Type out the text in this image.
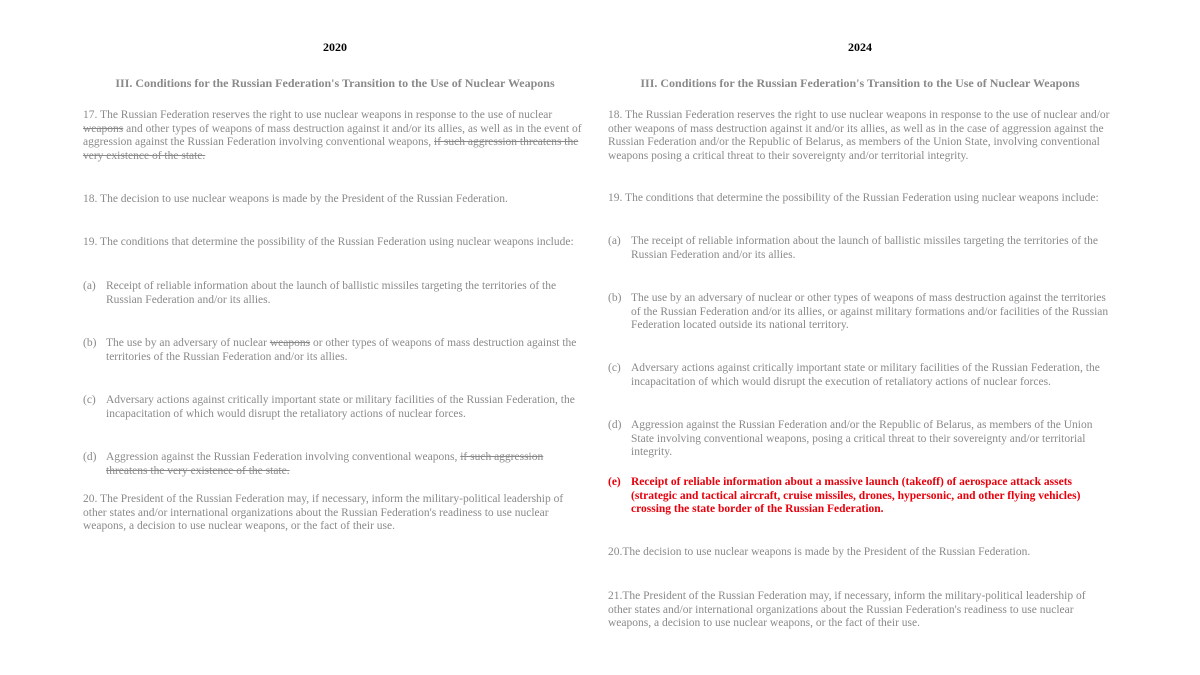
2020
III. Conditions for the Russian Federation's Transition to the Use of Nuclear Weapons
17. The Russian Federation reserves the right to use nuclear weapons in response to the use of nuclear weapons and other types of weapons of mass destruction against it and/or its allies, as well as in the event of aggression against the Russian Federation involving conventional weapons, if such aggression threatens the very existence of the state.
18. The decision to use nuclear weapons is made by the President of the Russian Federation.
19. The conditions that determine the possibility of the Russian Federation using nuclear weapons include:
(a) Receipt of reliable information about the launch of ballistic missiles targeting the territories of the Russian Federation and/or its allies.
(b) The use by an adversary of nuclear weapons or other types of weapons of mass destruction against the territories of the Russian Federation and/or its allies.
(c) Adversary actions against critically important state or military facilities of the Russian Federation, the incapacitation of which would disrupt the retaliatory actions of nuclear forces.
(d) Aggression against the Russian Federation involving conventional weapons, if such aggression threatens the very existence of the state.
20. The President of the Russian Federation may, if necessary, inform the military-political leadership of other states and/or international organizations about the Russian Federation's readiness to use nuclear weapons, a decision to use nuclear weapons, or the fact of their use.
2024
III. Conditions for the Russian Federation's Transition to the Use of Nuclear Weapons
18. The Russian Federation reserves the right to use nuclear weapons in response to the use of nuclear and/or other weapons of mass destruction against it and/or its allies, as well as in the case of aggression against the Russian Federation and/or the Republic of Belarus, as members of the Union State, involving conventional weapons posing a critical threat to their sovereignty and/or territorial integrity.
19. The conditions that determine the possibility of the Russian Federation using nuclear weapons include:
(a) The receipt of reliable information about the launch of ballistic missiles targeting the territories of the Russian Federation and/or its allies.
(b) The use by an adversary of nuclear or other types of weapons of mass destruction against the territories of the Russian Federation and/or its allies, or against military formations and/or facilities of the Russian Federation located outside its national territory.
(c) Adversary actions against critically important state or military facilities of the Russian Federation, the incapacitation of which would disrupt the execution of retaliatory actions of nuclear forces.
(d) Aggression against the Russian Federation and/or the Republic of Belarus, as members of the Union State involving conventional weapons, posing a critical threat to their sovereignty and/or territorial integrity.
(e) Receipt of reliable information about a massive launch (takeoff) of aerospace attack assets (strategic and tactical aircraft, cruise missiles, drones, hypersonic, and other flying vehicles) crossing the state border of the Russian Federation.
20.The decision to use nuclear weapons is made by the President of the Russian Federation.
21.The President of the Russian Federation may, if necessary, inform the military-political leadership of other states and/or international organizations about the Russian Federation's readiness to use nuclear weapons, a decision to use nuclear weapons, or the fact of their use.
